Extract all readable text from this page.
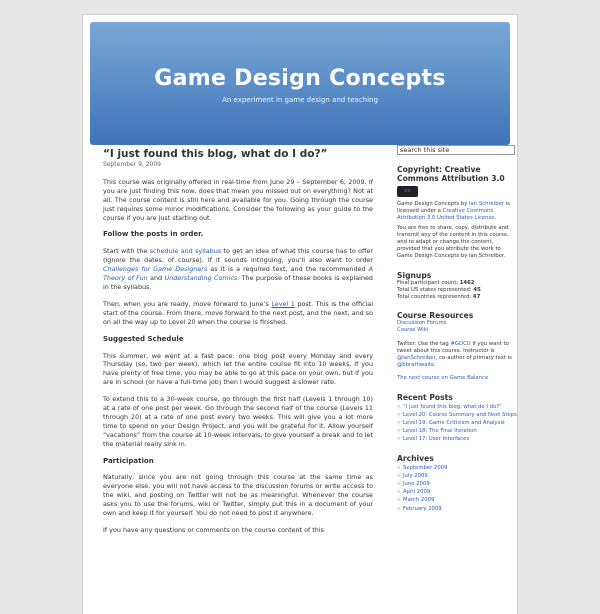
Game Design Concepts
An experiment in game design and teaching
“I just found this blog, what do I do?”
September 9, 2009

This course was originally offered in real-time from June 29 – September 6, 2009. If you are just finding this now, does that mean you missed out on everything? Not at all. The course content is still here and available for you. Going through the course just requires some minor modifications. Consider the following as your guide to the course if you are just starting out.

Follow the posts in order.

Start with the schedule and syllabus to get an idea of what this course has to offer (ignore the dates, of course). If it sounds intriguing, you’ll also want to order Challenges for Game Designers as it is a required text, and the recommended A Theory of Fun and Understanding Comics. The purpose of these books is explained in the syllabus.

Then, when you are ready, move forward to June’s Level 1 post. This is the official start of the course. From there, move forward to the next post, and the next, and so on all the way up to Level 20 when the course is finished.

Suggested Schedule

This summer, we went at a fast pace: one blog post every Monday and every Thursday (so, two per week), which let the entire course fit into 10 weeks. If you have plenty of free time, you may be able to go at this pace on your own, but if you are in school (or have a full-time job) then I would suggest a slower rate.

To extend this to a 30-week course, go through the first half (Levels 1 through 10) at a rate of one post per week. Go through the second half of the course (Levels 11 through 20) at a rate of one post every two weeks. This will give you a lot more time to spend on your Design Project, and you will be grateful for it. Allow yourself “vacations” from the course at 10-week intervals, to give yourself a break and to let the material really sink in.

Participation

Naturally, since you are not going through this course at the same time as everyone else, you will not have access to the discussion forums or write access to the wiki, and posting on Twitter will not be as meaningful. Whenever the course asks you to use the forums, wiki or Twitter, simply put this in a document of your own and keep it for yourself. You do not need to post it anywhere.

If you have any questions or comments on the course content of this

search this site
Copyright: Creative Commons Attribution 3.0
cc

Game Design Concepts by Ian Schreiber is licensed under a Creative Commons Attribution 3.0 United States License.

You are free to share, copy, distribute and transmit any of the content in this course, and to adapt or change the content, provided that you attribute the work to Game Design Concepts by Ian Schreiber.

Signups
Final participant count: 1462
Total US states represented: 45
Total countries represented: 47
Course Resources
Discussion Forums
Course Wiki

Twitter: Use the tag #GDCU if you want to tweet about this course. Instructor is @IanSchreiber, co-author of primary text is @bbrathwaite.

The next course on Game Balance

Recent Posts
» “I just found this blog, what do I do?”
» Level 20: Course Summary and Next Steps
» Level 19: Game Criticism and Analysis
» Level 18: The Final Iteration
» Level 17: User Interfaces
Archives
» September 2009
» July 2009
» June 2009
» April 2009
» March 2009
» February 2009
